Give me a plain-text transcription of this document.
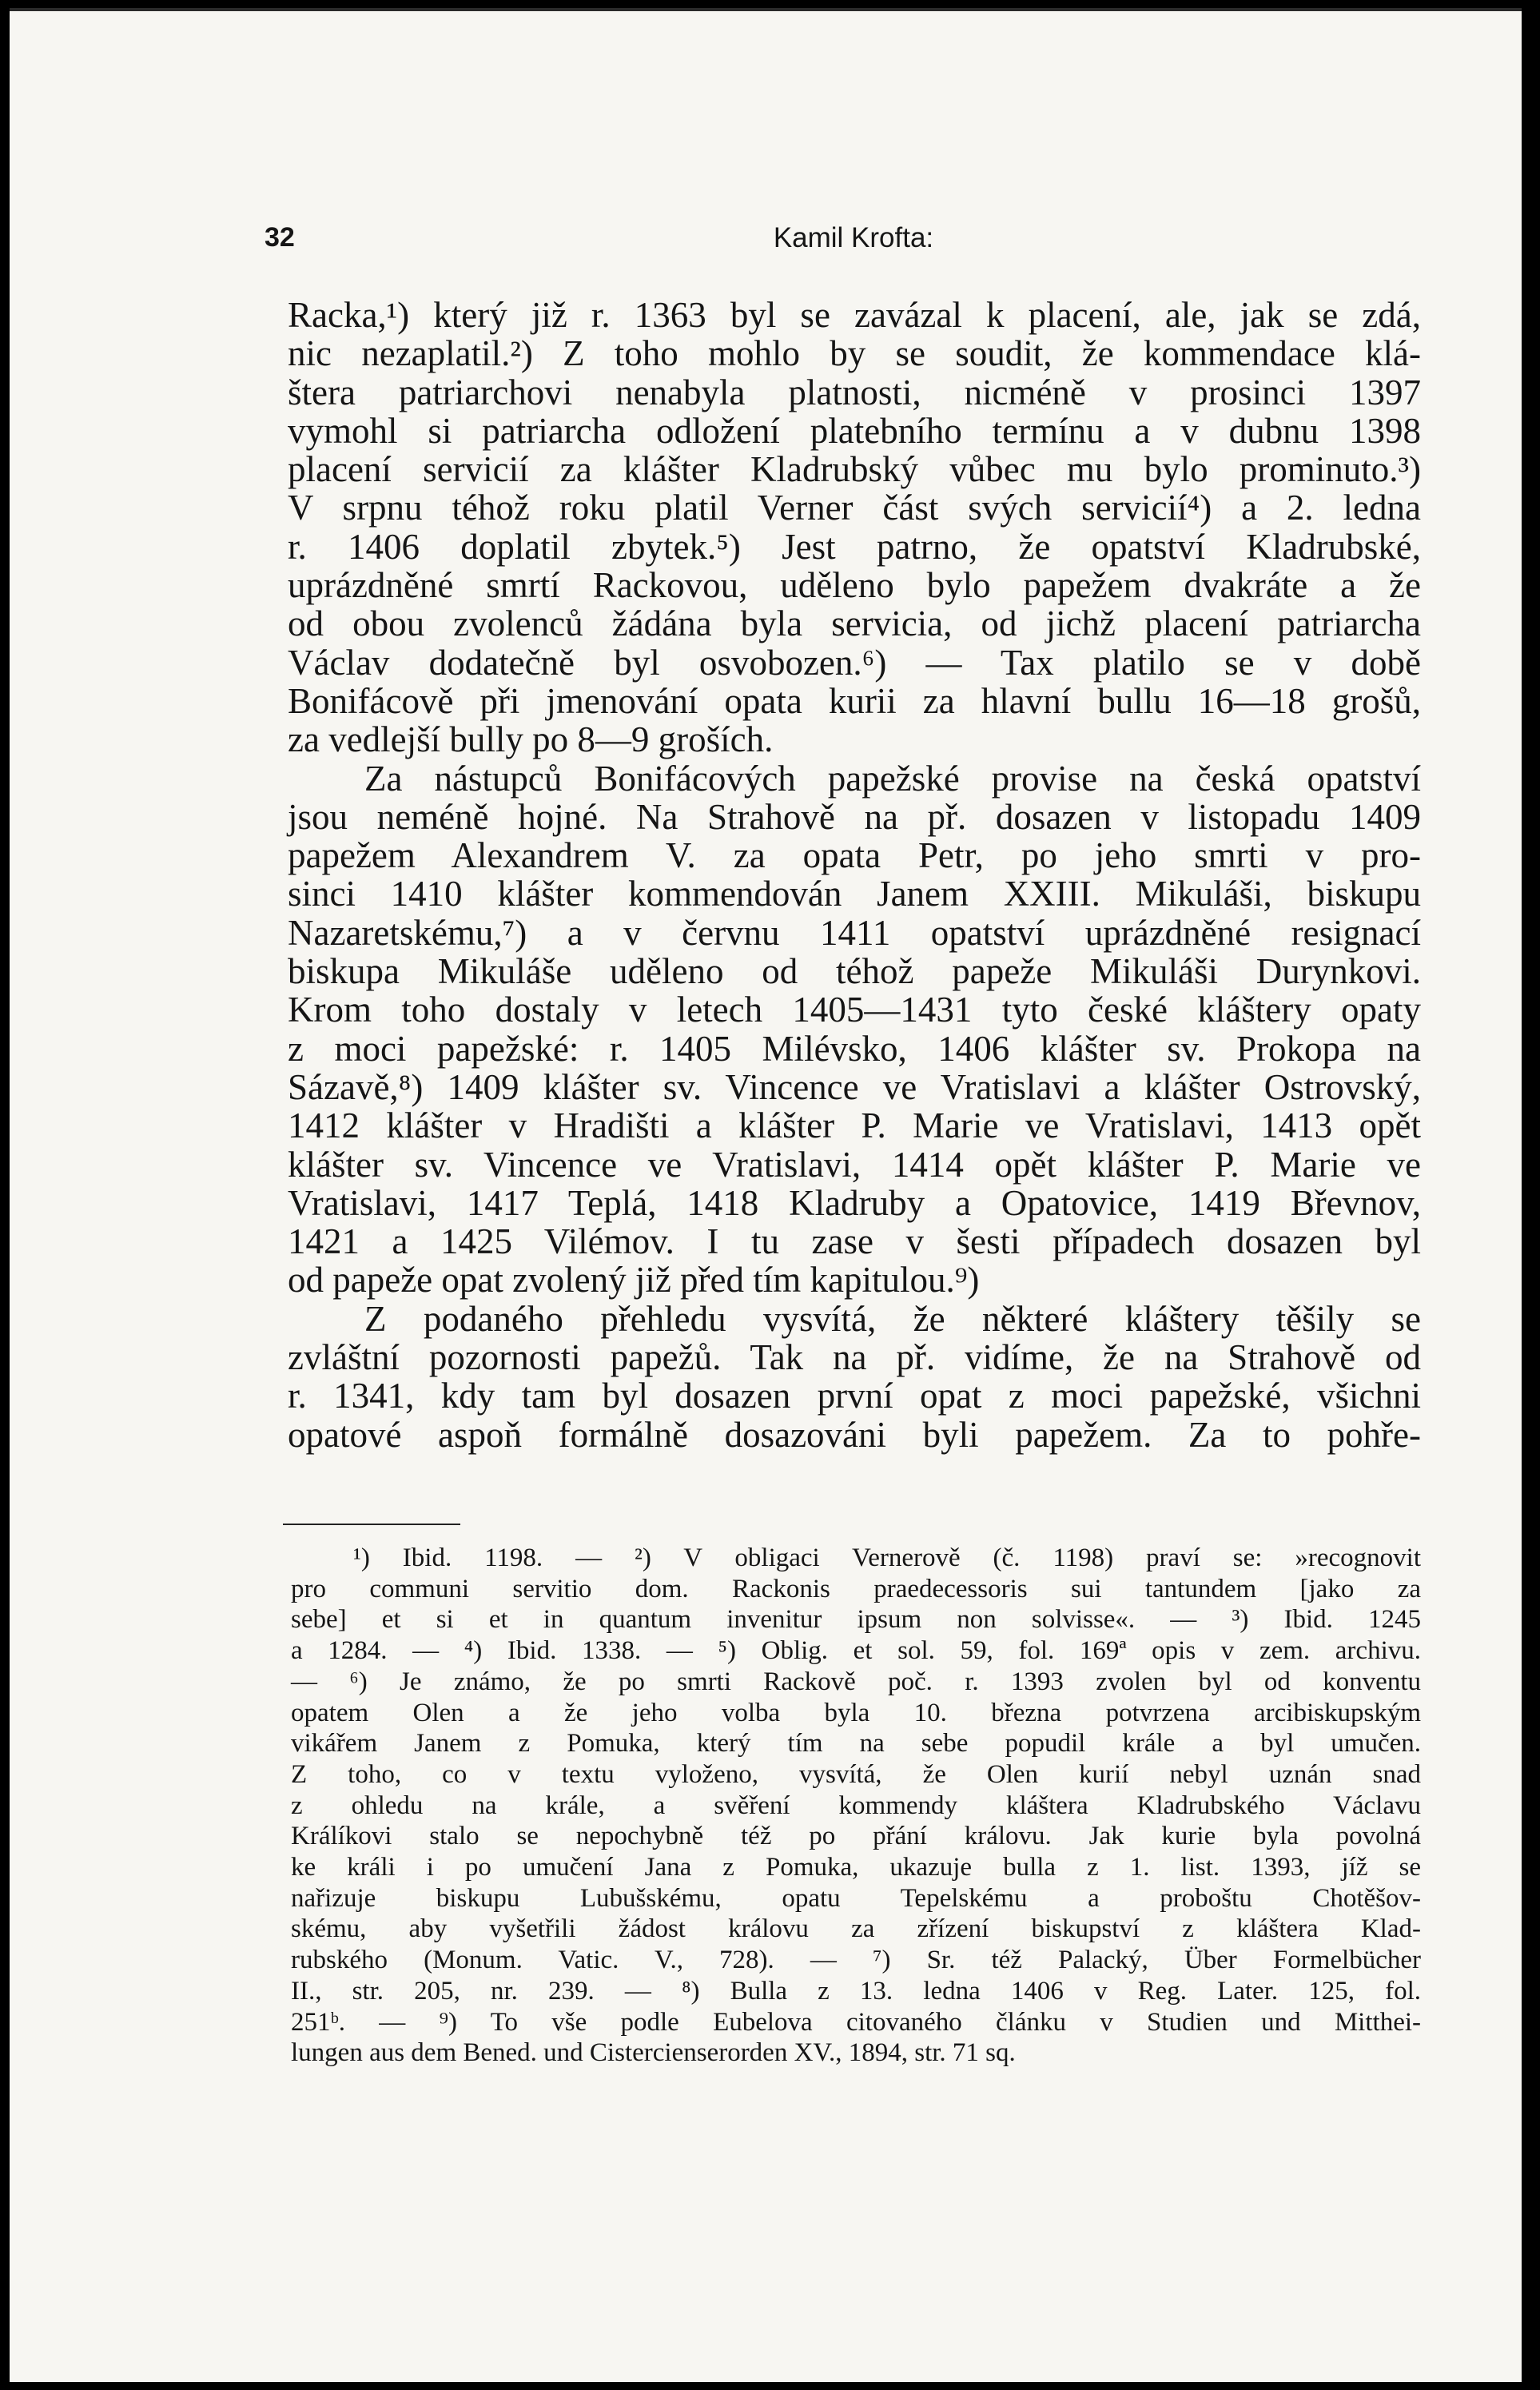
32	Kamil Krofta:
Racka,¹) který již r. 1363 byl se zavázal k placení, ale, jak se zdá,
nic nezaplatil.²) Z toho mohlo by se soudit, že kommendace klá-
štera patriarchovi nenabyla platnosti, nicméně v prosinci 1397
vymohl si patriarcha odložení platebního termínu a v dubnu 1398
placení servicií za klášter Kladrubský vůbec mu bylo prominuto.³)
V srpnu téhož roku platil Verner část svých servicií⁴) a 2. ledna
r. 1406 doplatil zbytek.⁵) Jest patrno, že opatství Kladrubské,
uprázdněné smrtí Rackovou, uděleno bylo papežem dvakráte a že
od obou zvolenců žádána byla servicia, od jichž placení patriarcha
Václav dodatečně byl osvobozen.⁶) — Tax platilo se v době
Bonifácově při jmenování opata kurii za hlavní bullu 16—18 grošů,
za vedlejší bully po 8—9 groších.
Za nástupců Bonifácových papežské provise na česká opatství
jsou neméně hojné. Na Strahově na př. dosazen v listopadu 1409
papežem Alexandrem V. za opata Petr, po jeho smrti v pro-
sinci 1410 klášter kommendován Janem XXIII. Mikuláši, biskupu
Nazaretskému,⁷) a v červnu 1411 opatství uprázdněné resignací
biskupa Mikuláše uděleno od téhož papeže Mikuláši Durynkovi.
Krom toho dostaly v letech 1405—1431 tyto české kláštery opaty
z moci papežské: r. 1405 Milévsko, 1406 klášter sv. Prokopa na
Sázavě,⁸) 1409 klášter sv. Vincence ve Vratislavi a klášter Ostrovský,
1412 klášter v Hradišti a klášter P. Marie ve Vratislavi, 1413 opět
klášter sv. Vincence ve Vratislavi, 1414 opět klášter P. Marie ve
Vratislavi, 1417 Teplá, 1418 Kladruby a Opatovice, 1419 Břevnov,
1421 a 1425 Vilémov. I tu zase v šesti případech dosazen byl
od papeže opat zvolený již před tím kapitulou.⁹)
Z podaného přehledu vysvítá, že některé kláštery těšily se
zvláštní pozornosti papežů. Tak na př. vidíme, že na Strahově od
r. 1341, kdy tam byl dosazen první opat z moci papežské, všichni
opatové aspoň formálně dosazováni byli papežem. Za to pohře-
¹) Ibid. 1198. — ²) V obligaci Vernerově (č. 1198) praví se: »recognovit
pro communi servitio dom. Rackonis praedecessoris sui tantundem [jako za
sebe] et si et in quantum invenitur ipsum non solvisse«. — ³) Ibid. 1245
a 1284. — ⁴) Ibid. 1338. — ⁵) Oblig. et sol. 59, fol. 169ª opis v zem. archivu.
— ⁶) Je známo, že po smrti Rackově poč. r. 1393 zvolen byl od konventu
opatem Olen a že jeho volba byla 10. března potvrzena arcibiskupským
vikářem Janem z Pomuka, který tím na sebe popudil krále a byl umučen.
Z toho, co v textu vyloženo, vysvítá, že Olen kurií nebyl uznán snad
z ohledu na krále, a svěření kommendy kláštera Kladrubského Václavu
Králíkovi stalo se nepochybně též po přání královu. Jak kurie byla povolná
ke králi i po umučení Jana z Pomuka, ukazuje bulla z 1. list. 1393, jíž se
nařizuje biskupu Lubušskému, opatu Tepelskému a proboštu Chotěšov-
skému, aby vyšetřili žádost královu za zřízení biskupství z kláštera Klad-
rubského (Monum. Vatic. V., 728). — ⁷) Sr. též Palacký, Über Formelbücher
II., str. 205, nr. 239. — ⁸) Bulla z 13. ledna 1406 v Reg. Later. 125, fol.
251ᵇ. — ⁹) To vše podle Eubelova citovaného článku v Studien und Mitthei-
lungen aus dem Bened. und Cistercienserorden XV., 1894, str. 71 sq.
